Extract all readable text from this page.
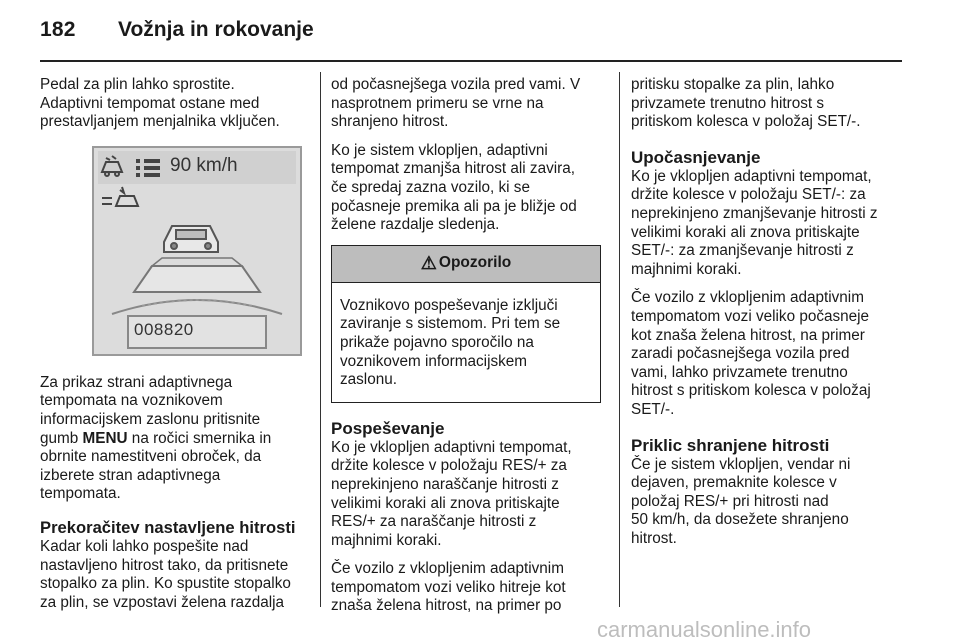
182 Vožnja in rokovanje

Pedal za plin lahko sprostite.
Adaptivni tempomat ostane med
prestavljanjem menjalnika vključen.

90 km/h
008820

Za prikaz strani adaptivnega
tempomata na voznikovem
informacijskem zaslonu pritisnite
gumb MENU na ročici smernika in
obrnite namestitveni obroček, da
izberete stran adaptivnega
tempomata.

Prekoračitev nastavljene hitrosti

Kadar koli lahko pospešite nad
nastavljeno hitrost tako, da pritisnete
stopalko za plin. Ko spustite stopalko
za plin, se vzpostavi želena razdalja

od počasnejšega vozila pred vami. V
nasprotnem primeru se vrne na
shranjeno hitrost.

Ko je sistem vklopljen, adaptivni
tempomat zmanjša hitrost ali zavira,
če spredaj zazna vozilo, ki se
počasneje premika ali pa je bližje od
želene razdalje sledenja.

⚠ Opozorilo
Voznikovo pospeševanje izključi
zaviranje s sistemom. Pri tem se
prikaže pojavno sporočilo na
voznikovem informacijskem
zaslonu.
Pospeševanje

Ko je vklopljen adaptivni tempomat,
držite kolesce v položaju RES/+ za
neprekinjeno naraščanje hitrosti z
velikimi koraki ali znova pritiskajte
RES/+ za naraščanje hitrosti z
majhnimi koraki.

Če vozilo z vklopljenim adaptivnim
tempomatom vozi veliko hitreje kot
znaša želena hitrost, na primer po

pritisku stopalke za plin, lahko
privzamete trenutno hitrost s
pritiskom kolesca v položaj SET/-.

Upočasnjevanje

Ko je vklopljen adaptivni tempomat,
držite kolesce v položaju SET/-: za
neprekinjeno zmanjševanje hitrosti z
velikimi koraki ali znova pritiskajte
SET/-: za zmanjševanje hitrosti z
majhnimi koraki.

Če vozilo z vklopljenim adaptivnim
tempomatom vozi veliko počasneje
kot znaša želena hitrost, na primer
zaradi počasnejšega vozila pred
vami, lahko privzamete trenutno
hitrost s pritiskom kolesca v položaj
SET/-.

Priklic shranjene hitrosti

Če je sistem vklopljen, vendar ni
dejaven, premaknite kolesce v
položaj RES/+ pri hitrosti nad
50 km/h, da dosežete shranjeno
hitrost.

carmanualsonline.info
